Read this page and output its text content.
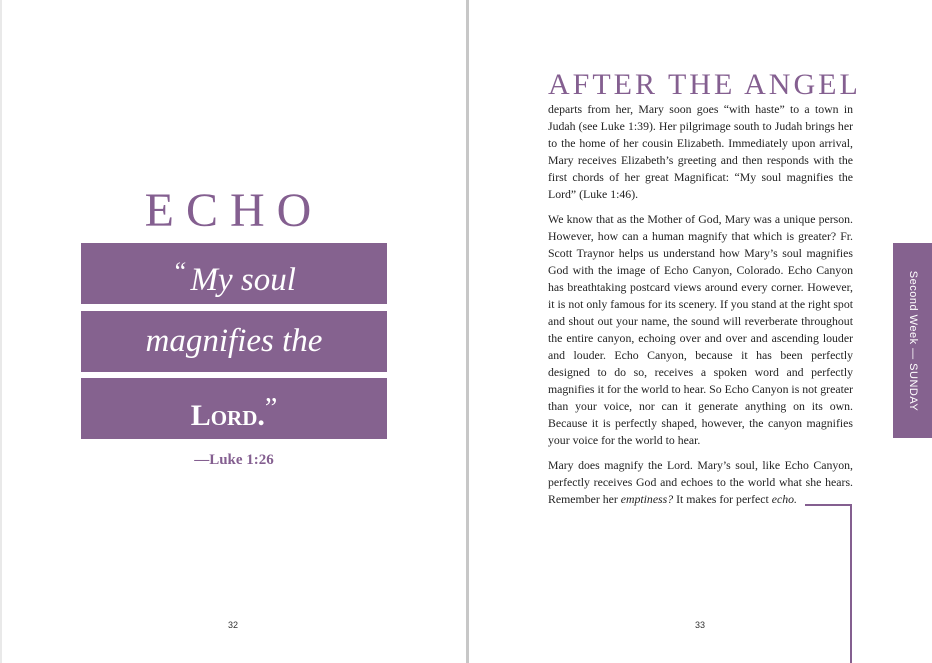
ECHO
“ My soul
magnifies the
Lord.”
—Luke 1:26
32
AFTER THE ANGEL

departs from her, Mary soon goes “with haste” to a town in Judah (see Luke 1:39). Her pilgrimage south to Judah brings her to the home of her cousin Elizabeth. Immediately upon arrival, Mary receives Elizabeth’s greeting and then responds with the first chords of her great Magnificat: “My soul magnifies the Lord” (Luke 1:46).

We know that as the Mother of God, Mary was a unique person. However, how can a human magnify that which is greater? Fr. Scott Traynor helps us understand how Mary’s soul magnifies God with the image of Echo Canyon, Colorado. Echo Canyon has breathtaking postcard views around every corner. However, it is not only famous for its scenery. If you stand at the right spot and shout out your name, the sound will reverberate throughout the entire canyon, echoing over and over and ascending louder and louder. Echo Canyon, because it has been perfectly designed to do so, receives a spoken word and perfectly magnifies it for the world to hear. So Echo Canyon is not greater than your voice, nor can it generate anything on its own. Because it is perfectly shaped, however, the canyon magnifies your voice for the world to hear.

Mary does magnify the Lord. Mary’s soul, like Echo Canyon, perfectly receives God and echoes to the world what she hears. Remember her emptiness? It makes for perfect echo.

Second Week — SUNDAY
33
